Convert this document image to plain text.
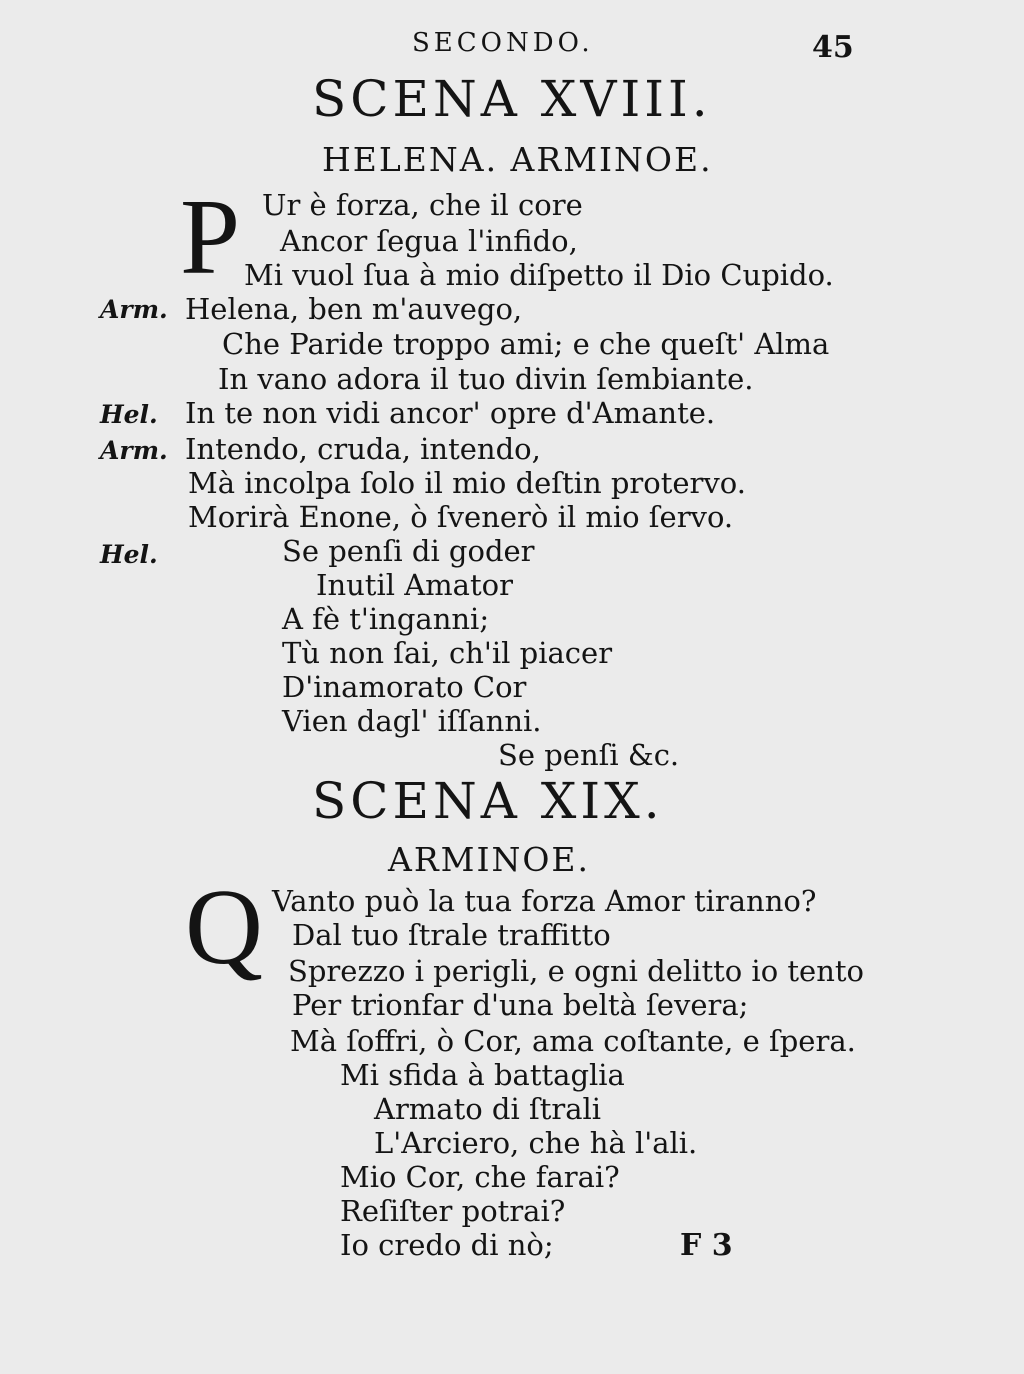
SECONDO.	45
SCENA XVIII.
HELENA. ARMINOE.
P Ur è forza, che il core
Ancor ſegua l'infido,
Mi vuol ſua à mio diſpetto il Dio Cupido.
Arm. Helena, ben m'auvego,
Che Paride troppo ami; e che queſt' Alma
In vano adora il tuo divin ſembiante.
Hel. In te non vidi ancor' opre d'Amante.
Arm. Intendo, cruda, intendo,
Mà incolpa ſolo il mio deſtin protervo.
Morirà Enone, ò ſvenerò il mio ſervo.
Hel.	Se penſi di goder
Inutil Amator
A fè t'inganni;
Tù non ſai, ch'il piacer
D'inamorato Cor
Vien dagl' iſſanni.
Se penſi &c.
SCENA XIX.
ARMINOE.
Q Vanto può la tua forza Amor tiranno?
Dal tuo ſtrale traffitto
Sprezzo i perigli, e ogni delitto io tento
Per trionfar d'una beltà ſevera;
Mà ſoffri, ò Cor, ama coſtante, e ſpera.
Mi sfida à battaglia
Armato di ſtrali
L'Arciero, che hà l'ali.
Mio Cor, che farai?
Reſiſter potrai?
Io credo di nò;	F 3
